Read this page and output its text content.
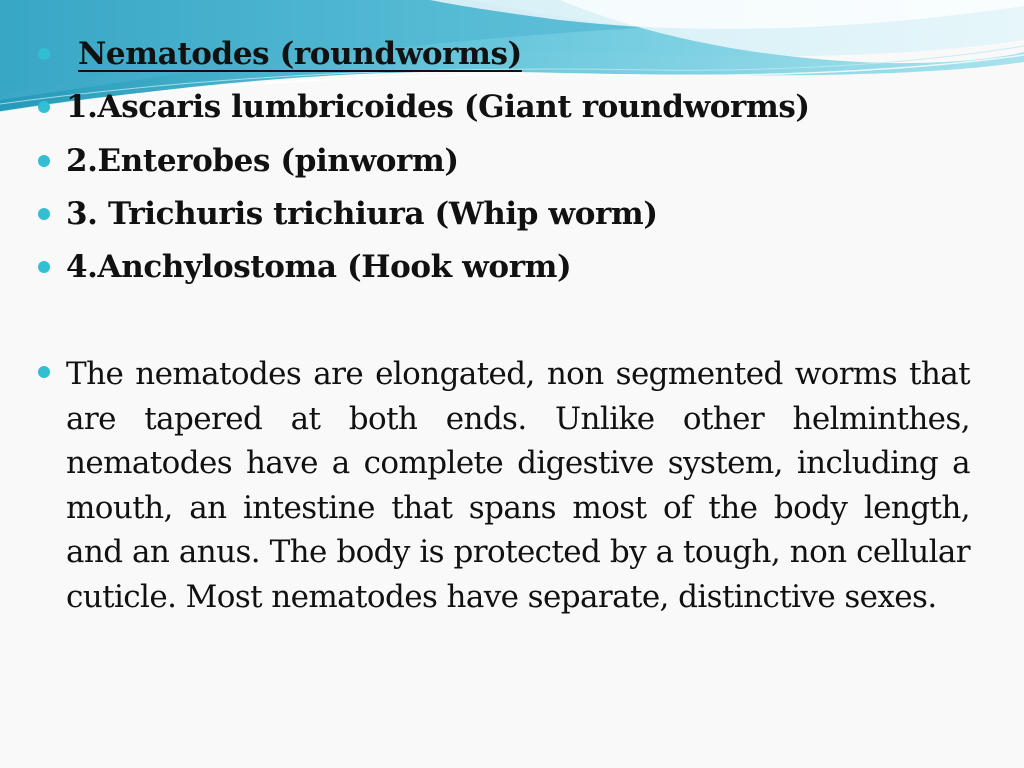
Nematodes (roundworms)
1.Ascaris lumbricoides (Giant roundworms)
2.Enterobes (pinworm)
3. Trichuris trichiura (Whip worm)
4.Anchylostoma (Hook worm)
The nematodes are elongated, non segmented worms that are tapered at both ends. Unlike other helminthes, nematodes have a complete digestive system, including a mouth, an intestine that spans most of the body length, and an anus. The body is protected by a tough, non cellular cuticle. Most nematodes have separate, distinctive sexes.
